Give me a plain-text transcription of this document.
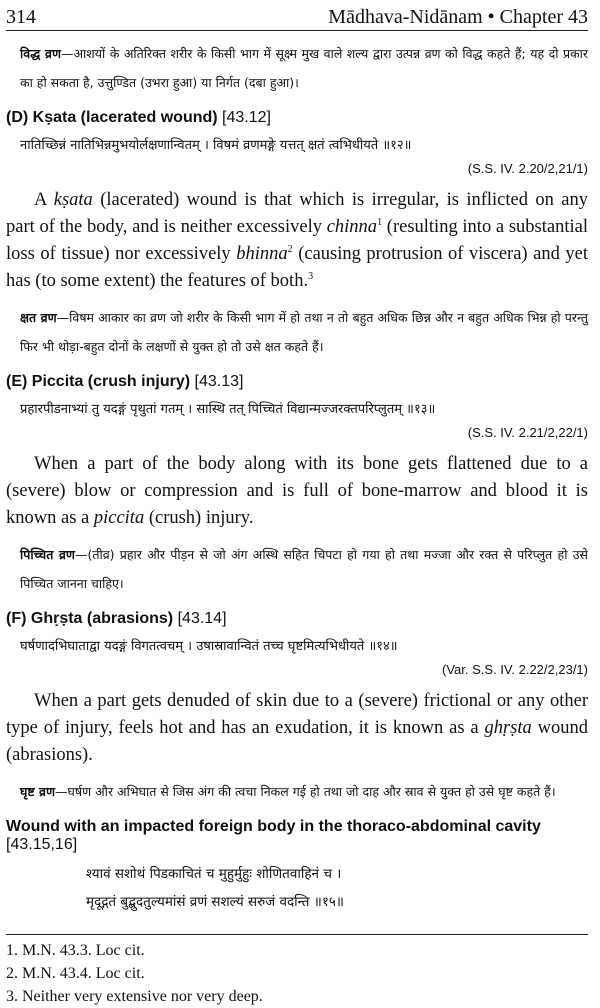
314	Mādhava-Nidānam • Chapter 43

विद्ध व्रण—आशयों के अतिरिक्त शरीर के किसी भाग में सूक्ष्म मुख वाले शल्य द्वारा उत्पन्न व्रण को विद्ध कहते हैं; यह दो प्रकार का हो सकता है, उत्तुण्डित (उभरा हुआ) या निर्गत (दबा हुआ)।

(D) Kṣata (lacerated wound) [43.12]

नातिच्छिन्नं नातिभिन्नमुभयोर्लक्षणान्वितम् । विषमं व्रणमङ्गे यत्तत् क्षतं त्वभिधीयते ॥१२॥

(S.S. IV. 2.20/2,21/1)

A kṣata (lacerated) wound is that which is irregular, is inflicted on any part of the body, and is neither excessively chinna$^1$ (resulting into a substantial loss of tissue) nor excessively bhinna$^2$ (causing protrusion of viscera) and yet has (to some extent) the features of both.$^3$

क्षत व्रण—विषम आकार का व्रण जो शरीर के किसी भाग में हो तथा न तो बहुत अधिक छिन्न और न बहुत अधिक भिन्न हो परन्तु फिर भी थोड़ा-बहुत दोनों के लक्षणों से युक्त हो तो उसे क्षत कहते हैं।

(E) Piccita (crush injury) [43.13]

प्रहारपीडनाभ्यां तु यदङ्गं पृथुतां गतम् । सास्थि तत् पिच्चितं विद्यान्मज्जरक्तपरिप्लुतम् ॥१३॥

(S.S. IV. 2.21/2,22/1)

When a part of the body along with its bone gets flattened due to a (severe) blow or compression and is full of bone-marrow and blood it is known as a piccita (crush) injury.

पिच्चित व्रण—(तीव्र) प्रहार और पीड़न से जो अंग अस्थि सहित चिपटा हो गया हो तथा मज्जा और रक्त से परिप्लुत हो उसे पिच्चित जानना चाहिए।

(F) Ghṛṣta (abrasions) [43.14]

घर्षणादभिघाताद्वा यदङ्गं विगतत्वचम् । उषास्रावान्वितं तच्च घृष्टमित्यभिधीयते ॥१४॥

(Var. S.S. IV. 2.22/2,23/1)

When a part gets denuded of skin due to a (severe) frictional or any other type of injury, feels hot and has an exudation, it is known as a ghṛṣta wound (abrasions).

घृष्ट व्रण—घर्षण और अभिघात से जिस अंग की त्वचा निकल गई हो तथा जो दाह और स्राव से युक्त हो उसे घृष्ट कहते हैं।

Wound with an impacted foreign body in the thoraco-abdominal cavity [43.15,16]

श्यावं सशोथं पिडकाचितं च मुहुर्मुहुः शोणितवाहिनं च ।

मृदूद्गतं बुद्बुदतुल्यमांसं व्रणं सशल्यं सरुजं वदन्ति ॥१५॥

1. M.N. 43.3. Loc cit.

2. M.N. 43.4. Loc cit.

3. Neither very extensive nor very deep.
